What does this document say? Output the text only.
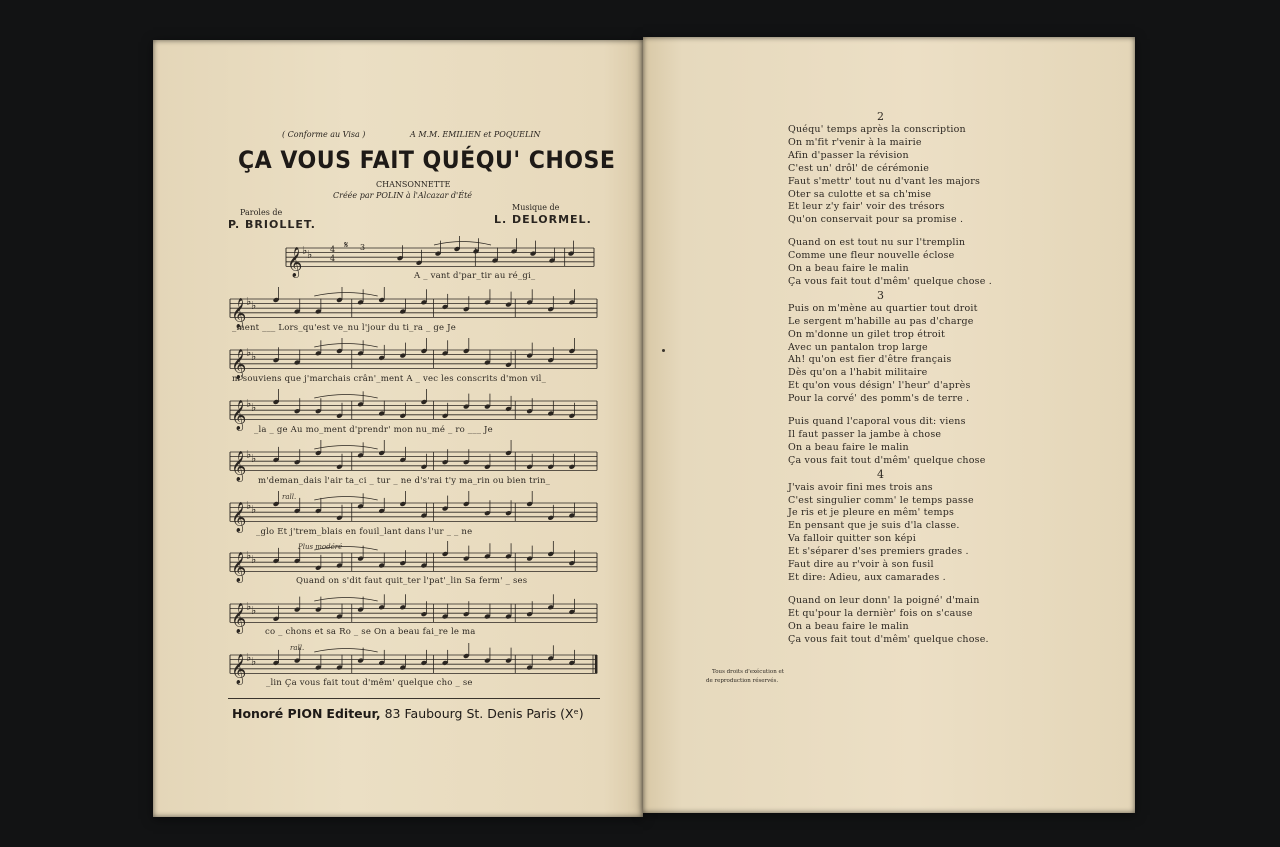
( Conforme au Visa )	A M.M. EMILIEN et POQUELIN
ÇA VOUS FAIT QUÉQU' CHOSE
CHANSONNETTE
Créée par POLIN à l'Alcazar d'Été
Paroles de
Musique de
P. BRIOLLET.	L. DELORMEL.
𝄞 ♭ ♭
𝄞 ♭ ♭
𝄞 ♭ ♭
𝄞 ♭ ♭
𝄞 ♭ ♭
𝄞 ♭ ♭
𝄞 ♭ ♭
𝄞 ♭ ♭
𝄞 ♭ ♭
4
4
𝄋 3
A _ vant d'par_tir au ré_gi_
_ment ___ Lors_qu'est ve_nu l'jour du ti_ra _ ge Je
m'souviens que j'marchais crân'_ment A _ vec les conscrits d'mon vil_
_la _ ge Au mo_ment d'prendr' mon nu_mé _ ro ___ Je
m'deman_dais l'air ta_ci _ tur _ ne d's'rai t'y ma_rin ou bien trin_
_glo Et j'trem_blais en fouil_lant dans l'ur _ _ ne
Quand on s'dit faut quit_ter l'pat'_lin Sa ferm' _ ses
co _ chons et sa Ro _ se On a beau fai_re le ma
_lin Ça vous fait tout d'mêm' quelque cho _ se
rall.
Plus modéré
rall.
Honoré PION Editeur, 83 Faubourg St. Denis Paris (Xᵉ)
2
Quéqu' temps après la conscription
On m'fit r'venir à la mairie
Afin d'passer la révision
C'est un' drôl' de cérémonie
Faut s'mettr' tout nu d'vant les majors
Oter sa culotte et sa ch'mise
Et leur z'y fair' voir des trésors
Qu'on conservait pour sa promise .
Quand on est tout nu sur l'tremplin
Comme une fleur nouvelle éclose
On a beau faire le malin
Ça vous fait tout d'mêm' quelque chose .
3
Puis on m'mène au quartier tout droit
Le sergent m'habille au pas d'charge
On m'donne un gilet trop étroit
Avec un pantalon trop large
Ah! qu'on est fier d'être français
Dès qu'on a l'habit militaire
Et qu'on vous désign' l'heur' d'après
Pour la corvé' des pomm's de terre .
Puis quand l'caporal vous dit: viens
Il faut passer la jambe à chose
On a beau faire le malin
Ça vous fait tout d'mêm' quelque chose
4
J'vais avoir fini mes trois ans
C'est singulier comm' le temps passe
Je ris et je pleure en mêm' temps
En pensant que je suis d'la classe.
Va falloir quitter son képi
Et s'séparer d'ses premiers grades .
Faut dire au r'voir à son fusil
Et dire: Adieu, aux camarades .
Quand on leur donn' la poigné' d'main
Et qu'pour la dernièr' fois on s'cause
On a beau faire le malin
Ça vous fait tout d'mêm' quelque chose.
Tous droits d'exécution et
de reproduction réservés.
